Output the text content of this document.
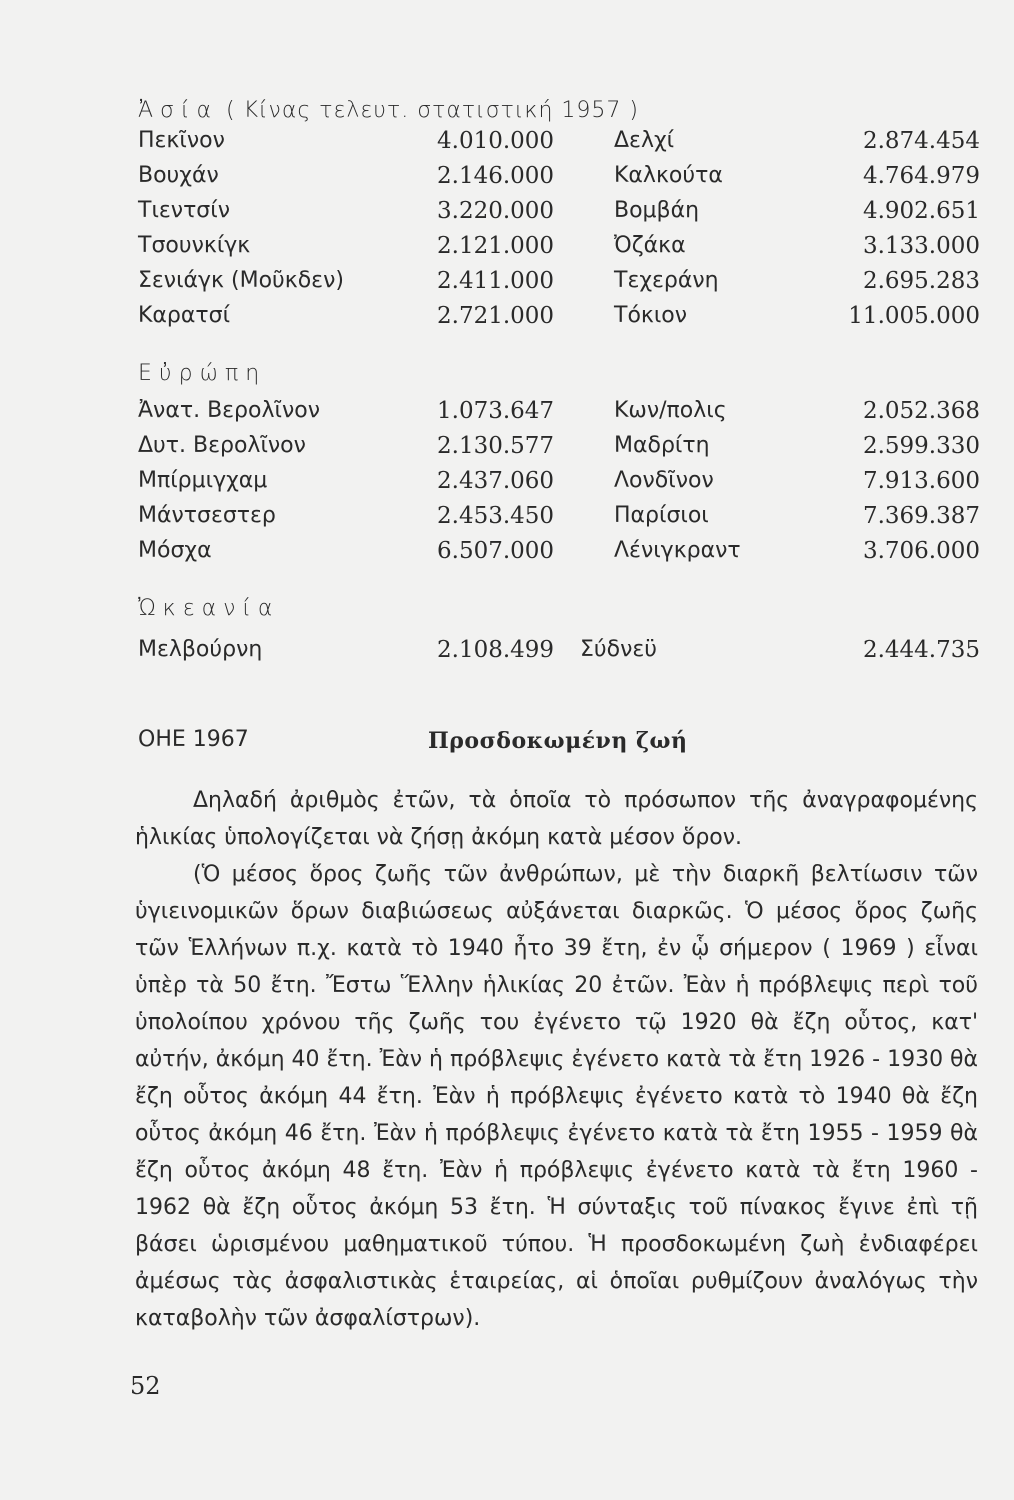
Ἀσία ( Κίνας τελευτ. στατιστική 1957 )
Πεκῖνον	4.010.000	Δελχί	2.874.454
Βουχάν	2.146.000	Καλκούτα	4.764.979
Τιεντσίν	3.220.000	Βομβάη	4.902.651
Τσουνκίγκ	2.121.000	Ὀζάκα	3.133.000
Σενιάγκ (Μοῦκδεν)	2.411.000	Τεχεράνη	2.695.283
Καρατσί	2.721.000	Τόκιον	11.005.000
Εὐρώπη
Ἀνατ. Βερολῖνον	1.073.647	Κων/πολις	2.052.368
Δυτ. Βερολῖνον	2.130.577	Μαδρίτη	2.599.330
Μπίρμιγχαμ	2.437.060	Λονδῖνον	7.913.600
Μάντσεστερ	2.453.450	Παρίσιοι	7.369.387
Μόσχα	6.507.000	Λένιγκραντ	3.706.000
Ὠκεανία
Μελβούρνη	2.108.499 Σύδνεϋ	2.444.735
ΟΗΕ 1967	Προσδοκωμένη ζωή

Δηλαδή ἀριθμὸς ἐτῶν, τὰ ὁποῖα τὸ πρόσωπον τῆς ἀναγραφομένης ἡλικίας ὑπολογίζεται νὰ ζήσῃ ἀκόμη κατὰ μέσον ὅρον.

(Ὁ μέσος ὅρος ζωῆς τῶν ἀνθρώπων, μὲ τὴν διαρκῆ βελτίωσιν τῶν ὑγιεινομικῶν ὅρων διαβιώσεως αὐξάνεται διαρκῶς. Ὁ μέσος ὅρος ζωῆς τῶν Ἑλλήνων π.χ. κατὰ τὸ 1940 ἦτο 39 ἔτη, ἐν ᾧ σήμερον ( 1969 ) εἶναι ὑπὲρ τὰ 50 ἔτη. Ἔστω Ἕλλην ἡλικίας 20 ἐτῶν. Ἐὰν ἡ πρόβλεψις περὶ τοῦ ὑπολοίπου χρόνου τῆς ζωῆς του ἐγένετο τῷ 1920 θὰ ἔζη οὗτος, κατ' αὐτήν, ἀκόμη 40 ἔτη. Ἐὰν ἡ πρόβλεψις ἐγένετο κατὰ τὰ ἔτη 1926 - 1930 θὰ ἔζη οὗτος ἀκόμη 44 ἔτη. Ἐὰν ἡ πρόβλεψις ἐγένετο κατὰ τὸ 1940 θὰ ἔζη οὗτος ἀκόμη 46 ἔτη. Ἐὰν ἡ πρόβλεψις ἐγένετο κατὰ τὰ ἔτη 1955 - 1959 θὰ ἔζη οὗτος ἀκόμη 48 ἔτη. Ἐὰν ἡ πρόβλεψις ἐγένετο κατὰ τὰ ἔτη 1960 - 1962 θὰ ἔζη οὗτος ἀκόμη 53 ἔτη. Ἡ σύνταξις τοῦ πίνακος ἔγινε ἐπὶ τῇ βάσει ὡρισμένου μαθηματικοῦ τύπου. Ἡ προσδοκωμένη ζωὴ ἐνδιαφέρει ἀμέσως τὰς ἀσφαλιστικὰς ἑταιρείας, αἱ ὁποῖαι ρυθμίζουν ἀναλόγως τὴν καταβολὴν τῶν ἀσφαλίστρων).

52
